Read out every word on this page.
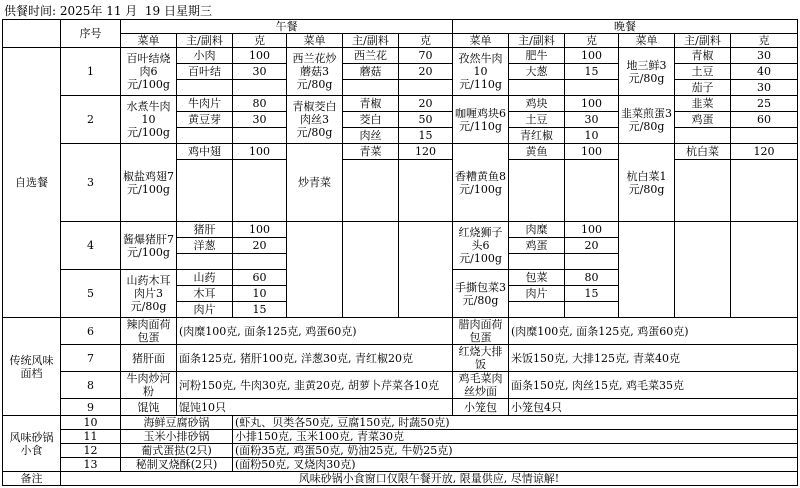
供餐时间: 2025年 11 月  19 日星期三
	序号	午餐						晚餐					
		菜单	主/副料	克	菜单	主/副料	克	菜单	主/副料	克	菜单	主/副料	克
自选餐	1	百叶结烧肉6元/100g	小肉	100	西兰花炒蘑菇3元/80g	西兰花	70	孜然牛肉10元/110g	肥牛	100	地三鲜3元/80g	青椒	30
			百叶结	30		蘑菇	20		大葱	15		土豆	40
												茄子	30
	2	水煮牛肉10元/100g	牛肉片	80	青椒茭白肉丝3元/80g	青椒	20	咖喱鸡块6元/110g	鸡块	100	韭菜煎蛋3元/80g	韭菜	25
			黄豆芽	30		茭白	50		土豆	30		鸡蛋	60
						肉丝	15		青红椒	10			
	3	椒盐鸡翅7元/100g	鸡中翅	100	炒青菜	青菜	120	香糟黄鱼8元/100g	黄鱼	100	杭白菜1元/80g	杭白菜	120

	4	酱爆猪肝7元/100g	猪肝	100				红烧狮子头6元/100g	肉糜	100			
			洋葱	20					鸡蛋	20			

	5	山药木耳肉片3元/80g	山药	60				手撕包菜3元/80g	包菜	80			
			木耳	10					肉片	15			
			肉片	15									
传统风味面档	6	辣肉面荷包蛋	(肉糜100克, 面条125克, 鸡蛋60克)					腊肉面荷包蛋	(肉糜100克, 面条125克, 鸡蛋60克)				
	7	猪肝面	面条125克, 猪肝100克, 洋葱30克, 青红椒20克					红烧大排饭	米饭150克, 大排125克, 青菜40克				
	8	牛肉炒河粉	河粉150克, 牛肉30克, 韭黄20克, 胡萝卜芹菜各10克					鸡毛菜肉丝炒面	面条150克, 肉丝15克, 鸡毛菜35克				
	9	馄饨	馄饨10只					小笼包	小笼包4只				
风味砂锅小食	10	海鲜豆腐砂锅		(虾丸、贝类各50克, 豆腐150克, 时蔬50克)									
	11	玉米小排砂锅		小排150克, 玉米100克, 青菜30克									
	12	葡式蛋挞(2只)		(面粉35克, 鸡蛋50克, 奶油25克, 牛奶25克)									
	13	秘制叉烧酥(2只)		(面粉50克, 叉烧肉30克)									
备注	风味砂锅小食窗口仅限午餐开放, 限量供应, 尽情谅解!												
